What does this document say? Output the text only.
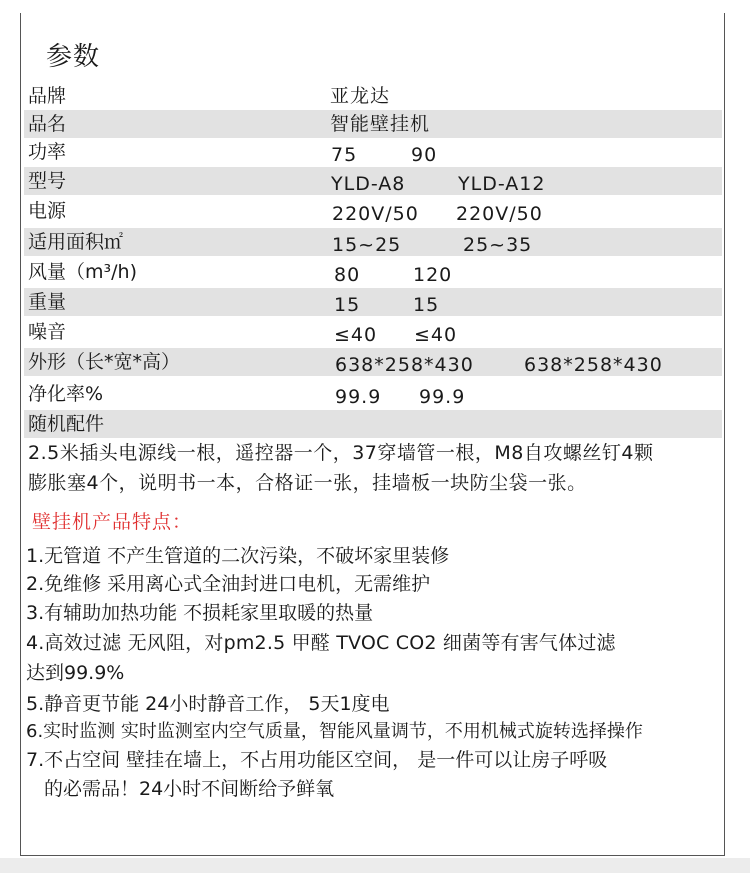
参数
品牌	亚龙达
品名	智能壁挂机
功率	75	90
型号	YLD-A8	YLD-A12
电源	220V/50 220V/50
适用面积㎡	15~25	25~35
风量（m³/h)	80	120
重量	15	15
噪音	≤40 ≤40
外形（长*宽*高）	638*258*430	638*258*430
净化率%	99.9 99.9
随机配件
2.5米插头电源线一根，遥控器一个，37穿墙管一根，M8自攻螺丝钉4颗
膨胀塞4个，说明书一本，合格证一张，挂墙板一块防尘袋一张。
壁挂机产品特点：
1.无管道 不产生管道的二次污染，不破坏家里装修
2.免维修 采用离心式全油封进口电机，无需维护
3.有辅助加热功能 不损耗家里取暖的热量
4.高效过滤 无风阻，对pm2.5 甲醛 TVOC CO2 细菌等有害气体过滤
达到99.9%
5.静音更节能 24小时静音工作， 5天1度电
6.实时监测 实时监测室内空气质量，智能风量调节，不用机械式旋转选择操作
7.不占空间 壁挂在墙上，不占用功能区空间， 是一件可以让房子呼吸
的必需品！24小时不间断给予鲜氧
